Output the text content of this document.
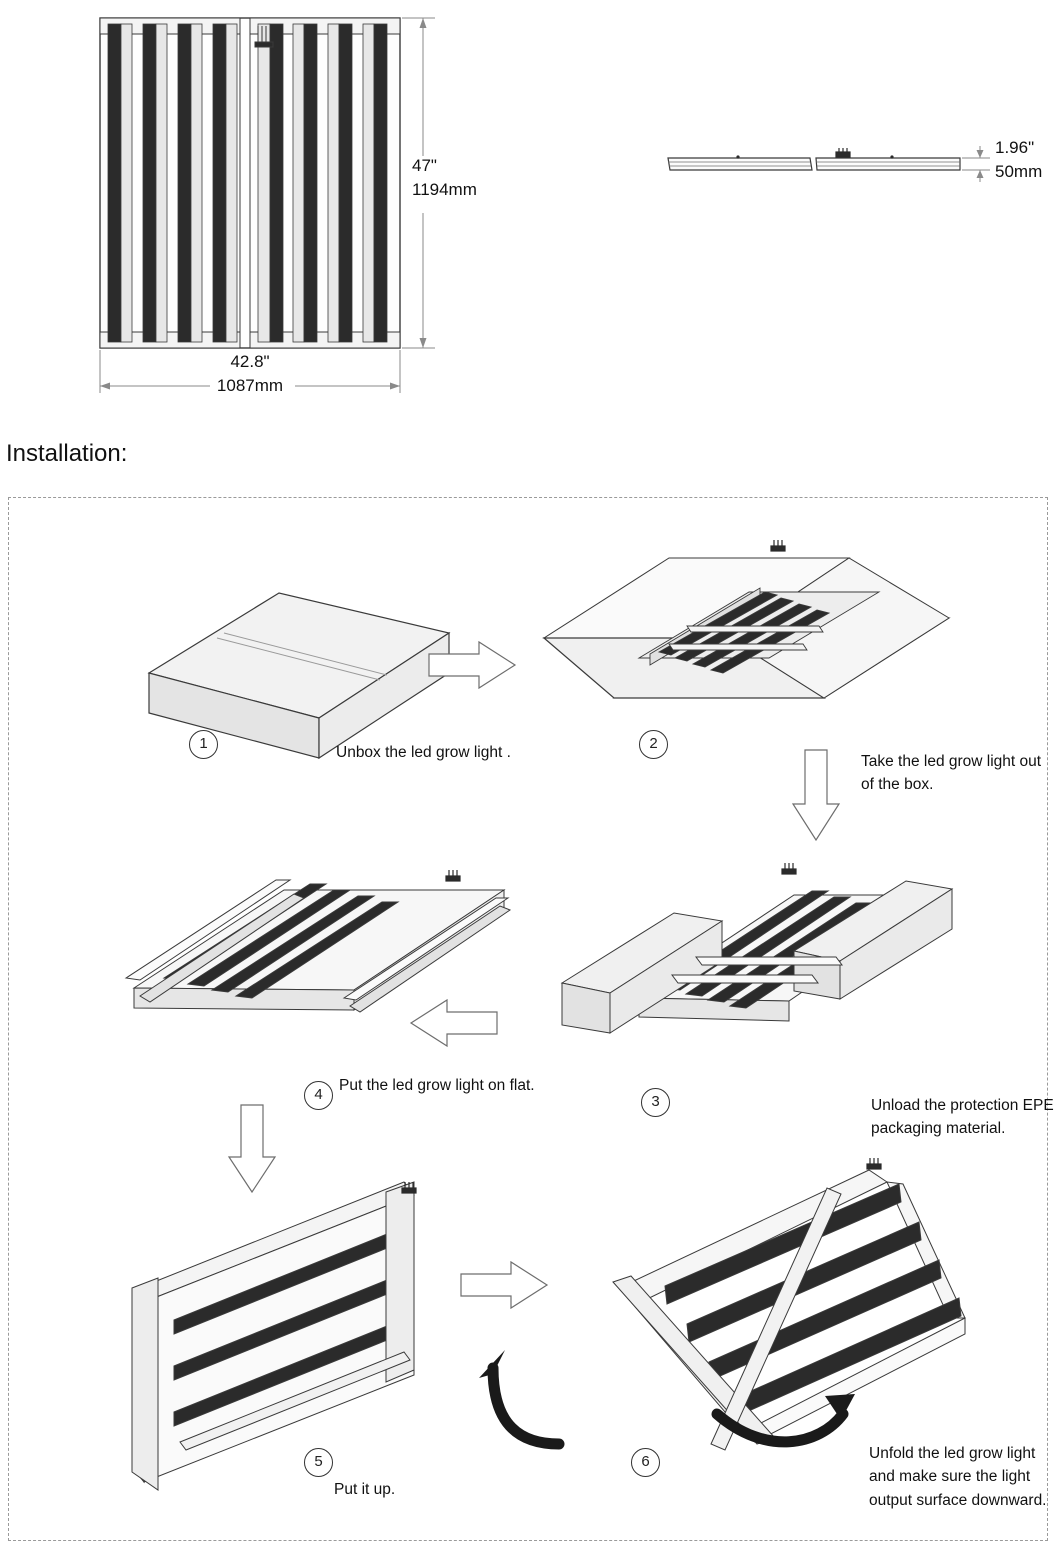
47"
1194mm
42.8"
1087mm
1.96"
50mm
Installation:
1
Unbox the led grow light .
2
Take the led grow light out of the box.
4
Put the led grow light on flat.
3	Unload the protection EPE packaging material.
5
Put it up.
6	Unfold the led grow light and make sure the light output surface downward.
